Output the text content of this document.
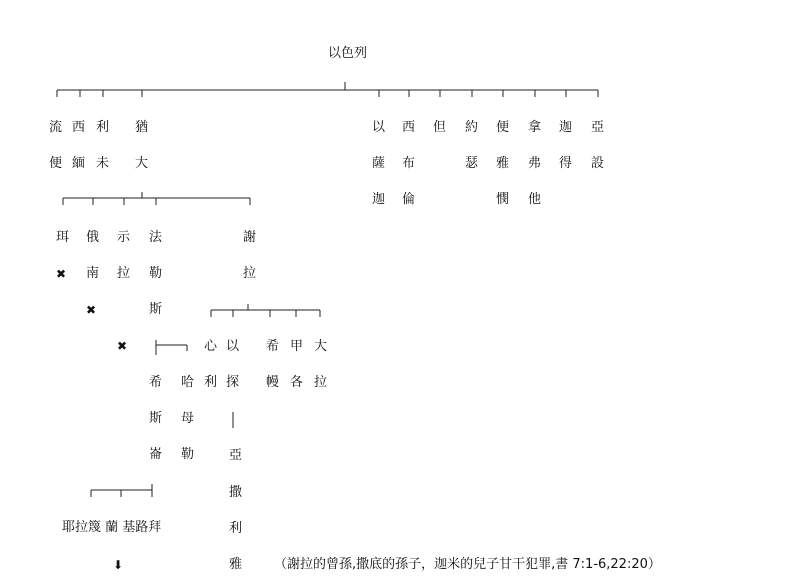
以色列
流
便
西
緬
利
未
猶
大
以
薩
迦
西
布
倫
但 約
瑟
便
雅
憫
拿
弗
他
迦
得
亞
設
珥
✖
俄
南
✖
示
拉
✖
法
勒
斯
謝
拉
希
斯
崙
哈
母
勒
心
利
以
探
希
幔
甲
各
大
拉
亞
撒
利
雅
耶拉篾 蘭 基路拜
⬇	（謝拉的曾孫,撒底的孫子，迦米的兒子甘干犯罪,書 7:1-6,22:20）
